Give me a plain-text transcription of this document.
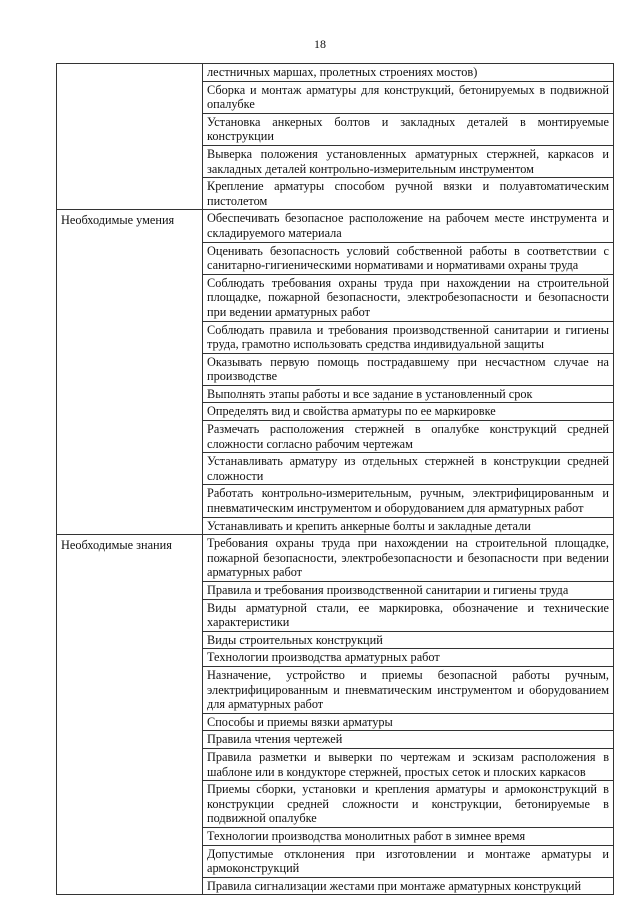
18
	лестничных маршах, пролетных строениях мостов)
	Сборка и монтаж арматуры для конструкций, бетонируемых в подвижной опалубке
	Установка анкерных болтов и закладных деталей в монтируемые конструкции
	Выверка положения установленных арматурных стержней, каркасов и закладных деталей контрольно-измерительным инструментом
	Крепление арматуры способом ручной вязки и полуавтоматическим пистолетом

Необходимые умения	Обеспечивать безопасное расположение на рабочем месте инструмента и складируемого материала
	Оценивать безопасность условий собственной работы в соответствии с санитарно-гигиеническими нормативами и нормативами охраны труда
	Соблюдать требования охраны труда при нахождении на строительной площадке, пожарной безопасности, электробезопасности и безопасности при ведении арматурных работ
	Соблюдать правила и требования производственной санитарии и гигиены труда, грамотно использовать средства индивидуальной защиты
	Оказывать первую помощь пострадавшему при несчастном случае на производстве
	Выполнять этапы работы и все задание в установленный срок
	Определять вид и свойства арматуры по ее маркировке
	Размечать расположения стержней в опалубке конструкций средней сложности согласно рабочим чертежам
	Устанавливать арматуру из отдельных стержней в конструкции средней сложности
	Работать контрольно-измерительным, ручным, электрифицированным и пневматическим инструментом и оборудованием для арматурных работ
	Устанавливать и крепить анкерные болты и закладные детали

Необходимые знания	Требования охраны труда при нахождении на строительной площадке, пожарной безопасности, электробезопасности и безопасности при ведении арматурных работ
	Правила и требования производственной санитарии и гигиены труда
	Виды арматурной стали, ее маркировка, обозначение и технические характеристики
	Виды строительных конструкций
	Технологии производства арматурных работ
	Назначение, устройство и приемы безопасной работы ручным, электрифицированным и пневматическим инструментом и оборудованием для арматурных работ
	Способы и приемы вязки арматуры
	Правила чтения чертежей
	Правила разметки и выверки по чертежам и эскизам расположения в шаблоне или в кондукторе стержней, простых сеток и плоских каркасов
	Приемы сборки, установки и крепления арматуры и армоконструкций в конструкции средней сложности и конструкции, бетонируемые в подвижной опалубке
	Технологии производства монолитных работ в зимнее время
	Допустимые отклонения при изготовлении и монтаже арматуры и армоконструкций
	Правила сигнализации жестами при монтаже арматурных конструкций
